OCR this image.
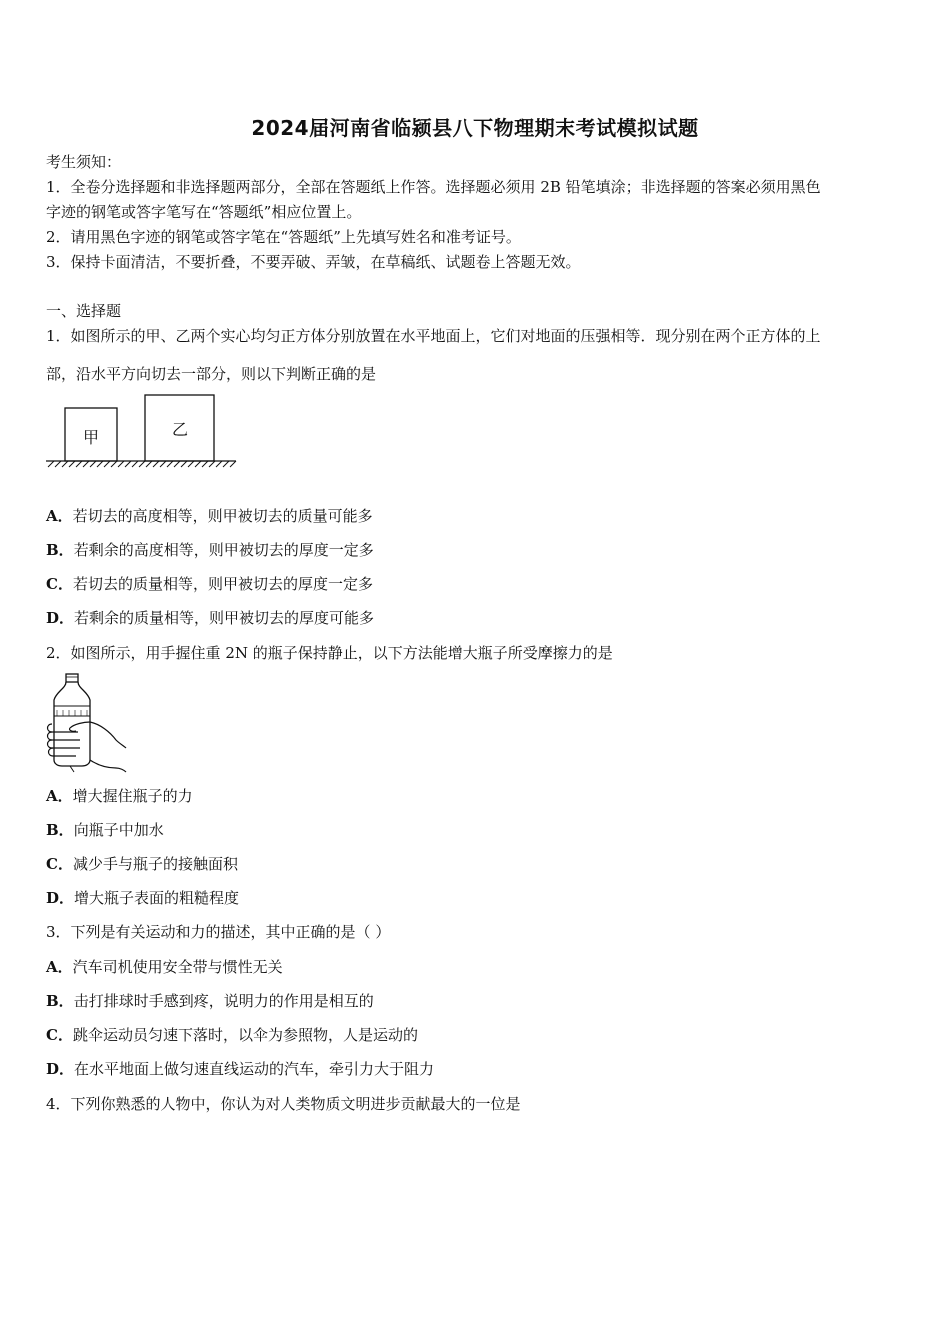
2024届河南省临颍县八下物理期末考试模拟试题
考生须知：
1．全卷分选择题和非选择题两部分，全部在答题纸上作答。选择题必须用 2B 铅笔填涂；非选择题的答案必须用黑色
字迹的钢笔或答字笔写在“答题纸”相应位置上。
2．请用黑色字迹的钢笔或答字笔在“答题纸”上先填写姓名和准考证号。
3．保持卡面清洁，不要折叠，不要弄破、弄皱，在草稿纸、试题卷上答题无效。
一、选择题
1．如图所示的甲、乙两个实心均匀正方体分别放置在水平地面上，它们对地面的压强相等．现分别在两个正方体的上
部，沿水平方向切去一部分，则以下判断正确的是
甲	乙
A．若切去的高度相等，则甲被切去的质量可能多
B．若剩余的高度相等，则甲被切去的厚度一定多
C．若切去的质量相等，则甲被切去的厚度一定多
D．若剩余的质量相等，则甲被切去的厚度可能多
2．如图所示，用手握住重 2N 的瓶子保持静止，以下方法能增大瓶子所受摩擦力的是
A．增大握住瓶子的力
B．向瓶子中加水
C．减少手与瓶子的接触面积
D．增大瓶子表面的粗糙程度
3．下列是有关运动和力的描述，其中正确的是（ ）
A．汽车司机使用安全带与惯性无关
B．击打排球时手感到疼，说明力的作用是相互的
C．跳伞运动员匀速下落时，以伞为参照物，人是运动的
D．在水平地面上做匀速直线运动的汽车，牵引力大于阻力
4．下列你熟悉的人物中，你认为对人类物质文明进步贡献最大的一位是
